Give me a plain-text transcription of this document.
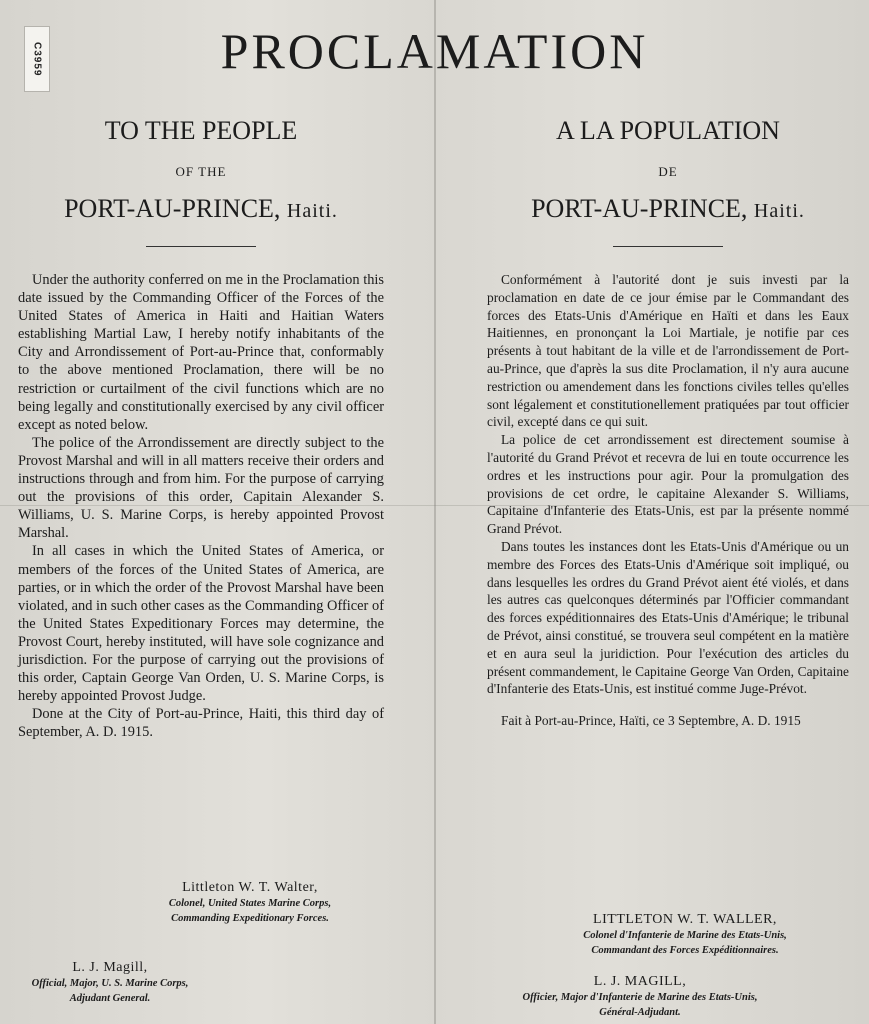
C3959	PROCLAMATION
TO THE PEOPLE
OF THE
PORT-AU-PRINCE, Haiti.

Under the authority conferred on me in the Proclamation this date issued by the Commanding Officer of the Forces of the United States of America in Haiti and Haitian Waters establishing Martial Law, I hereby notify inhabitants of the City and Arrondissement of Port-au-Prince that, conformably to the above mentioned Proclamation, there will be no restriction or curtailment of the civil functions which are no being legally and constitutionally exercised by any civil officer except as noted below.

The police of the Arrondissement are directly subject to the Provost Marshal and will in all matters receive their orders and instructions through and from him. For the purpose of carrying out the provisions of this order, Capitain Alexander S. Williams, U. S. Marine Corps, is hereby appointed Provost Marshal.

In all cases in which the United States of America, or members of the forces of the United States of America, are parties, or in which the order of the Provost Marshal have been violated, and in such other cases as the Commanding Officer of the United States Expeditionary Forces may determine, the Provost Court, hereby instituted, will have sole cognizance and jurisdiction. For the purpose of carrying out the provisions of this order, Captain George Van Orden, U. S. Marine Corps, is hereby appointed Provost Judge.

Done at the City of Port-au-Prince, Haiti, this third day of September, A. D. 1915.

Littleton W. T. Walter,
Colonel, United States Marine Corps,
Commanding Expeditionary Forces.
L. J. Magill,
Official, Major, U. S. Marine Corps,
Adjudant General.
A LA POPULATION
DE
PORT-AU-PRINCE, Haiti.

Conformément à l'autorité dont je suis investi par la proclamation en date de ce jour émise par le Commandant des forces des Etats-Unis d'Amérique en Haïti et dans les Eaux Haitiennes, en prononçant la Loi Martiale, je notifie par ces présents à tout habitant de la ville et de l'arrondissement de Port-au-Prince, que d'après la sus dite Proclamation, il n'y aura aucune restriction ou amendement dans les fonctions civiles telles qu'elles sont légalement et constitutionellement pratiquées par tout officier civil, excepté dans ce qui suit.

La police de cet arrondissement est directement soumise à l'autorité du Grand Prévot et recevra de lui en toute occurrence les ordres et les instructions pour agir. Pour la promulgation des provisions de cet ordre, le capitaine Alexander S. Williams, Capitaine d'Infanterie des Etats-Unis, est par la présente nommé Grand Prévot.

Dans toutes les instances dont les Etats-Unis d'Amérique ou un membre des Forces des Etats-Unis d'Amérique soit impliqué, ou dans lesquelles les ordres du Grand Prévot aient été violés, et dans les autres cas quelconques déterminés par l'Officier commandant des forces expéditionnaires des Etats-Unis d'Amérique; le tribunal de Prévot, ainsi constitué, se trouvera seul compétent en la matière et en aura seul la juridiction. Pour l'exécution des articles du présent commandement, le Capitaine George Van Orden, Capitaine d'Infanterie des Etats-Unis, est institué comme Juge-Prévot.

Fait à Port-au-Prince, Haïti, ce 3 Septembre, A. D. 1915

LITTLETON W. T. WALLER,
Colonel d'Infanterie de Marine des Etats-Unis,
Commandant des Forces Expéditionnaires.
L. J. MAGILL,
Officier, Major d'Infanterie de Marine des Etats-Unis,
Général-Adjudant.
